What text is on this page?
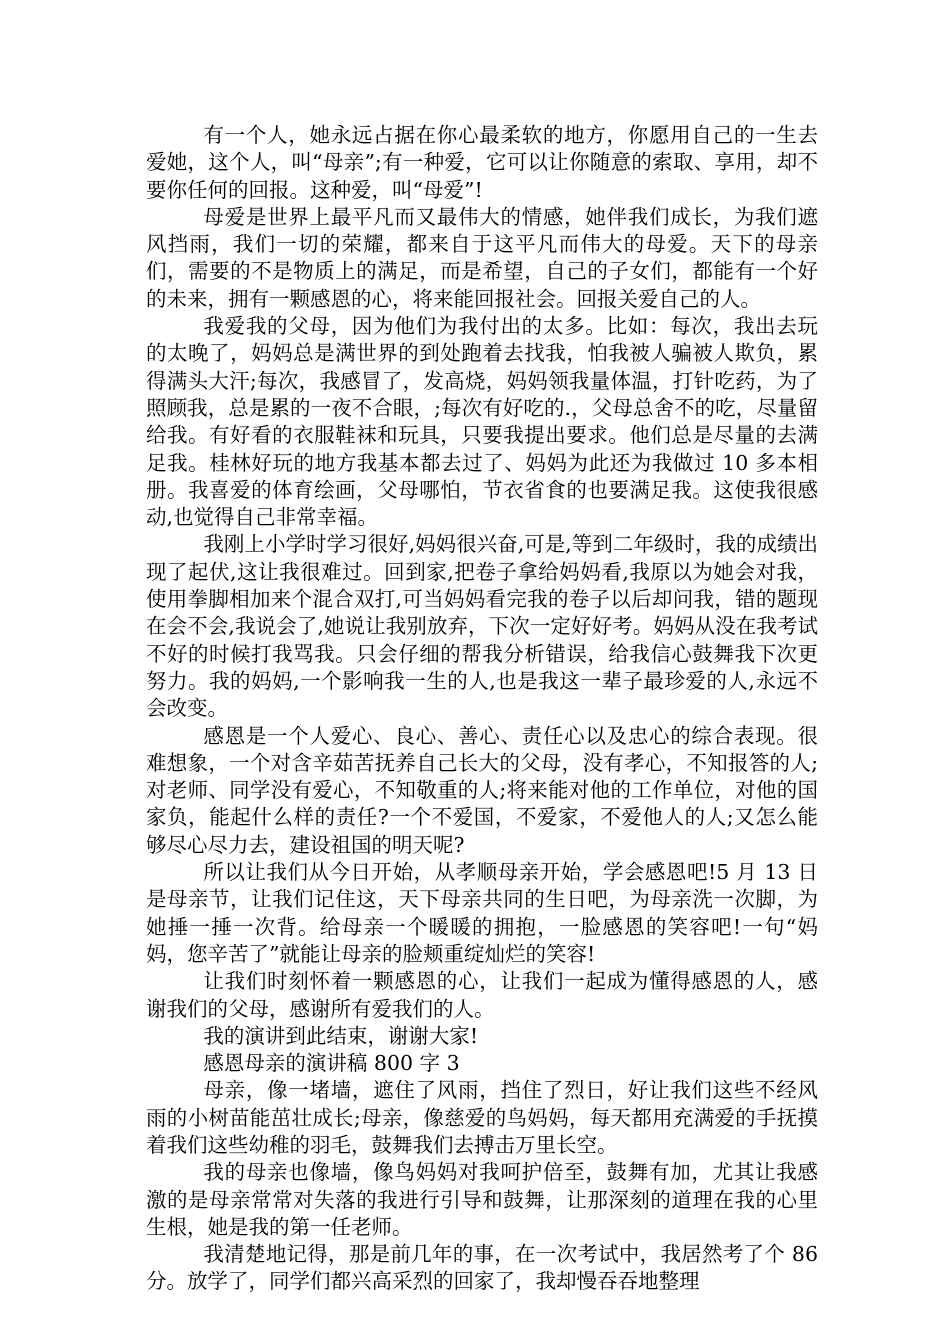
有一个人，她永远占据在你心最柔软的地方，你愿用自己的一生去爱她，这个人，叫“母亲”;有一种爱，它可以让你随意的索取、享用，却不要你任何的回报。这种爱，叫“母爱”!

母爱是世界上最平凡而又最伟大的情感，她伴我们成长，为我们遮风挡雨，我们一切的荣耀，都来自于这平凡而伟大的母爱。天下的母亲们，需要的不是物质上的满足，而是希望，自己的子女们，都能有一个好的未来，拥有一颗感恩的心，将来能回报社会。回报关爱自己的人。

我爱我的父母，因为他们为我付出的太多。比如：每次，我出去玩的太晚了，妈妈总是满世界的到处跑着去找我，怕我被人骗被人欺负，累得满头大汗;每次，我感冒了，发高烧，妈妈领我量体温，打针吃药，为了照顾我，总是累的一夜不合眼，;每次有好吃的.，父母总舍不的吃，尽量留给我。有好看的衣服鞋袜和玩具，只要我提出要求。他们总是尽量的去满足我。桂林好玩的地方我基本都去过了、妈妈为此还为我做过 10 多本相册。我喜爱的体育绘画，父母哪怕，节衣省食的也要满足我。这使我很感动,也觉得自己非常幸福。

我刚上小学时学习很好,妈妈很兴奋,可是,等到二年级时，我的成绩出现了起伏,这让我很难过。回到家,把卷子拿给妈妈看,我原以为她会对我，使用拳脚相加来个混合双打,可当妈妈看完我的卷子以后却问我，错的题现在会不会,我说会了,她说让我别放弃，下次一定好好考。妈妈从没在我考试不好的时候打我骂我。只会仔细的帮我分析错误，给我信心鼓舞我下次更努力。我的妈妈,一个影响我一生的人,也是我这一辈子最珍爱的人,永远不会改变。

感恩是一个人爱心、良心、善心、责任心以及忠心的综合表现。很难想象，一个对含辛茹苦抚养自己长大的父母，没有孝心，不知报答的人;对老师、同学没有爱心，不知敬重的人;将来能对他的工作单位，对他的国家负，能起什么样的责任?一个不爱国，不爱家，不爱他人的人;又怎么能够尽心尽力去，建设祖国的明天呢?

所以让我们从今日开始，从孝顺母亲开始，学会感恩吧!5 月 13 日是母亲节，让我们记住这，天下母亲共同的生日吧，为母亲洗一次脚，为她捶一捶一次背。给母亲一个暖暖的拥抱，一脸感恩的笑容吧!一句“妈妈，您辛苦了”就能让母亲的脸颊重绽灿烂的笑容!

让我们时刻怀着一颗感恩的心，让我们一起成为懂得感恩的人，感谢我们的父母，感谢所有爱我们的人。

我的演讲到此结束，谢谢大家!

感恩母亲的演讲稿 800 字 3

母亲，像一堵墙，遮住了风雨，挡住了烈日，好让我们这些不经风雨的小树苗能茁壮成长;母亲，像慈爱的鸟妈妈，每天都用充满爱的手抚摸着我们这些幼稚的羽毛，鼓舞我们去搏击万里长空。

我的母亲也像墙，像鸟妈妈对我呵护倍至，鼓舞有加，尤其让我感激的是母亲常常对失落的我进行引导和鼓舞，让那深刻的道理在我的心里生根，她是我的第一任老师。

我清楚地记得，那是前几年的事，在一次考试中，我居然考了个 86 分。放学了，同学们都兴高采烈的回家了，我却慢吞吞地整理
